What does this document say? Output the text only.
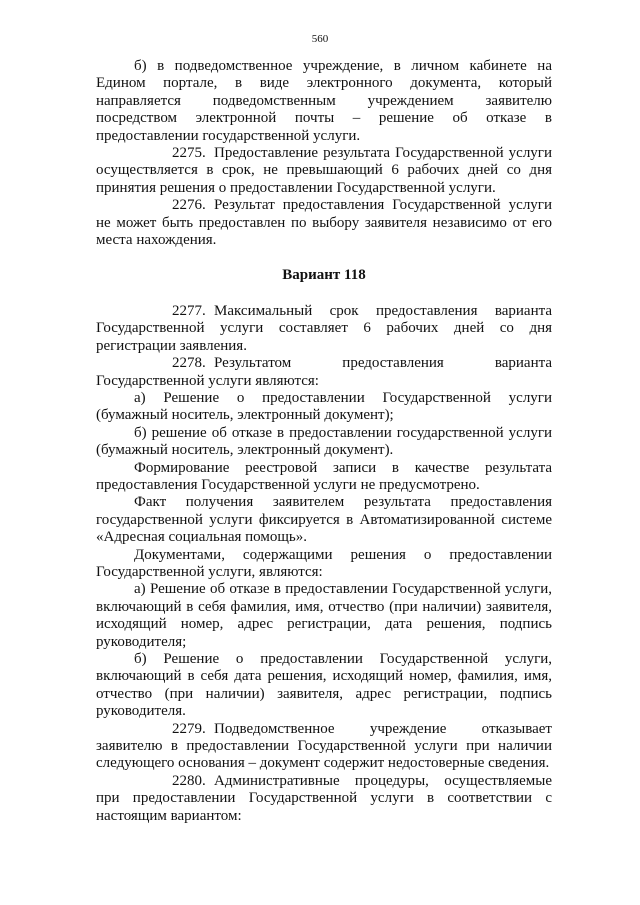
560

б) в подведомственное учреждение, в личном кабинете на Едином портале, в виде электронного документа, который направляется подведомственным учреждением заявителю посредством электронной почты – решение об отказе в предоставлении государственной услуги.

2275. Предоставление результата Государственной услуги осуществляется в срок, не превышающий 6 рабочих дней со дня принятия решения о предоставлении Государственной услуги.

2276. Результат предоставления Государственной услуги не может быть предоставлен по выбору заявителя независимо от его места нахождения.

Вариант 118

2277. Максимальный срок предоставления варианта Государственной услуги составляет 6 рабочих дней со дня регистрации заявления.

2278. Результатом предоставления варианта Государственной услуги являются:

а) Решение о предоставлении Государственной услуги (бумажный носитель, электронный документ);

б) решение об отказе в предоставлении государственной услуги (бумажный носитель, электронный документ).

Формирование реестровой записи в качестве результата предоставления Государственной услуги не предусмотрено.

Факт получения заявителем результата предоставления государственной услуги фиксируется в Автоматизированной системе «Адресная социальная помощь».

Документами, содержащими решения о предоставлении Государственной услуги, являются:

а) Решение об отказе в предоставлении Государственной услуги, включающий в себя фамилия, имя, отчество (при наличии) заявителя, исходящий номер, адрес регистрации, дата решения, подпись руководителя;

б) Решение о предоставлении Государственной услуги, включающий в себя дата решения, исходящий номер, фамилия, имя, отчество (при наличии) заявителя, адрес регистрации, подпись руководителя.

2279. Подведомственное учреждение отказывает заявителю в предоставлении Государственной услуги при наличии следующего основания – документ содержит недостоверные сведения.

2280. Административные процедуры, осуществляемые при предоставлении Государственной услуги в соответствии с настоящим вариантом:
